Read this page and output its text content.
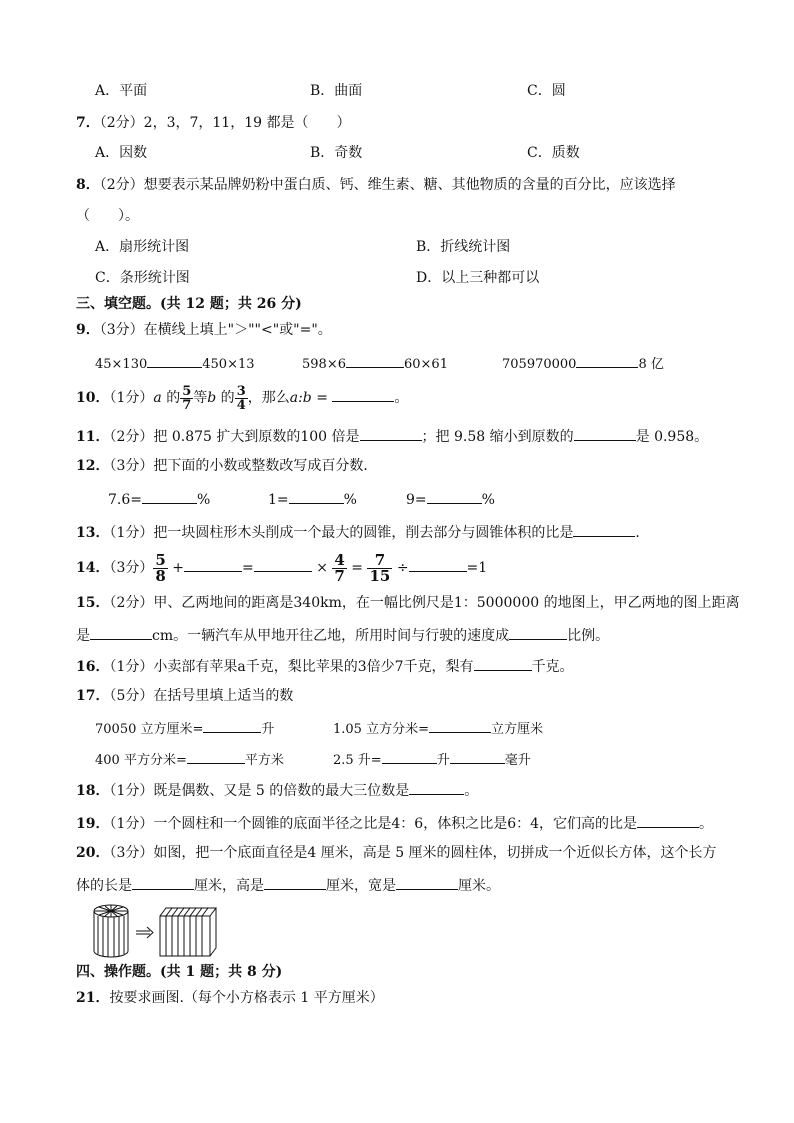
A．平面	B．曲面	C．圆
7．（2分）2，3，7，11，19 都是（　　）
A．因数	B．奇数	C．质数
8．（2分）想要表示某品牌奶粉中蛋白质、钙、维生素、糖、其他物质的含量的百分比，应该选择
（　　）。
A．扇形统计图	B．折线统计图
C．条形统计图	D．以上三种都可以
三、填空题。(共 12 题；共 26 分)
9．（3分）在横线上填上"＞""<"或"="。
45×130	450×13	598×6	60×61	705970000	8 亿
10．（1分）a 的 $\frac{5}{7}$ 等b 的 $\frac{3}{4}$ ，那么a:b =	。
11．（2分）把 0.875 扩大到原数的100 倍是	；把 9.58 缩小到原数的	是 0.958。
12．（3分）把下面的小数或整数改写成百分数．
7.6=	%	1=	%	9=	%
13．（1分）把一块圆柱形木头削成一个最大的圆锥，削去部分与圆锥体积的比是	．
14．（3分） $\frac{5}{8}$ +	=	× $\frac{4}{7} = \frac{7}{15}$ ÷	=1
15．（2分）甲、乙两地间的距离是340km，在一幅比例尺是1：5000000 的地图上，甲乙两地的图上距离
是	cm。一辆汽车从甲地开往乙地，所用时间与行驶的速度成	比例。
16．（1分）小卖部有苹果a千克，梨比苹果的3倍少7千克，梨有	千克。
17．（5分）在括号里填上适当的数
70050 立方厘米=	升	1.05 立方分米=	立方厘米
400 平方分米=	平方米	2.5 升=	升	毫升
18．（1分）既是偶数、又是 5 的倍数的最大三位数是	。
19．（1分）一个圆柱和一个圆锥的底面半径之比是4：6，体积之比是6：4，它们高的比是	。
20．（3分）如图，把一个底面直径是4 厘米，高是 5 厘米的圆柱体，切拼成一个近似长方体，这个长方
体的长是	厘米，高是	厘米，宽是	厘米。
四、操作题。(共 1 题；共 8 分)
21．按要求画图.（每个小方格表示 1 平方厘米）
